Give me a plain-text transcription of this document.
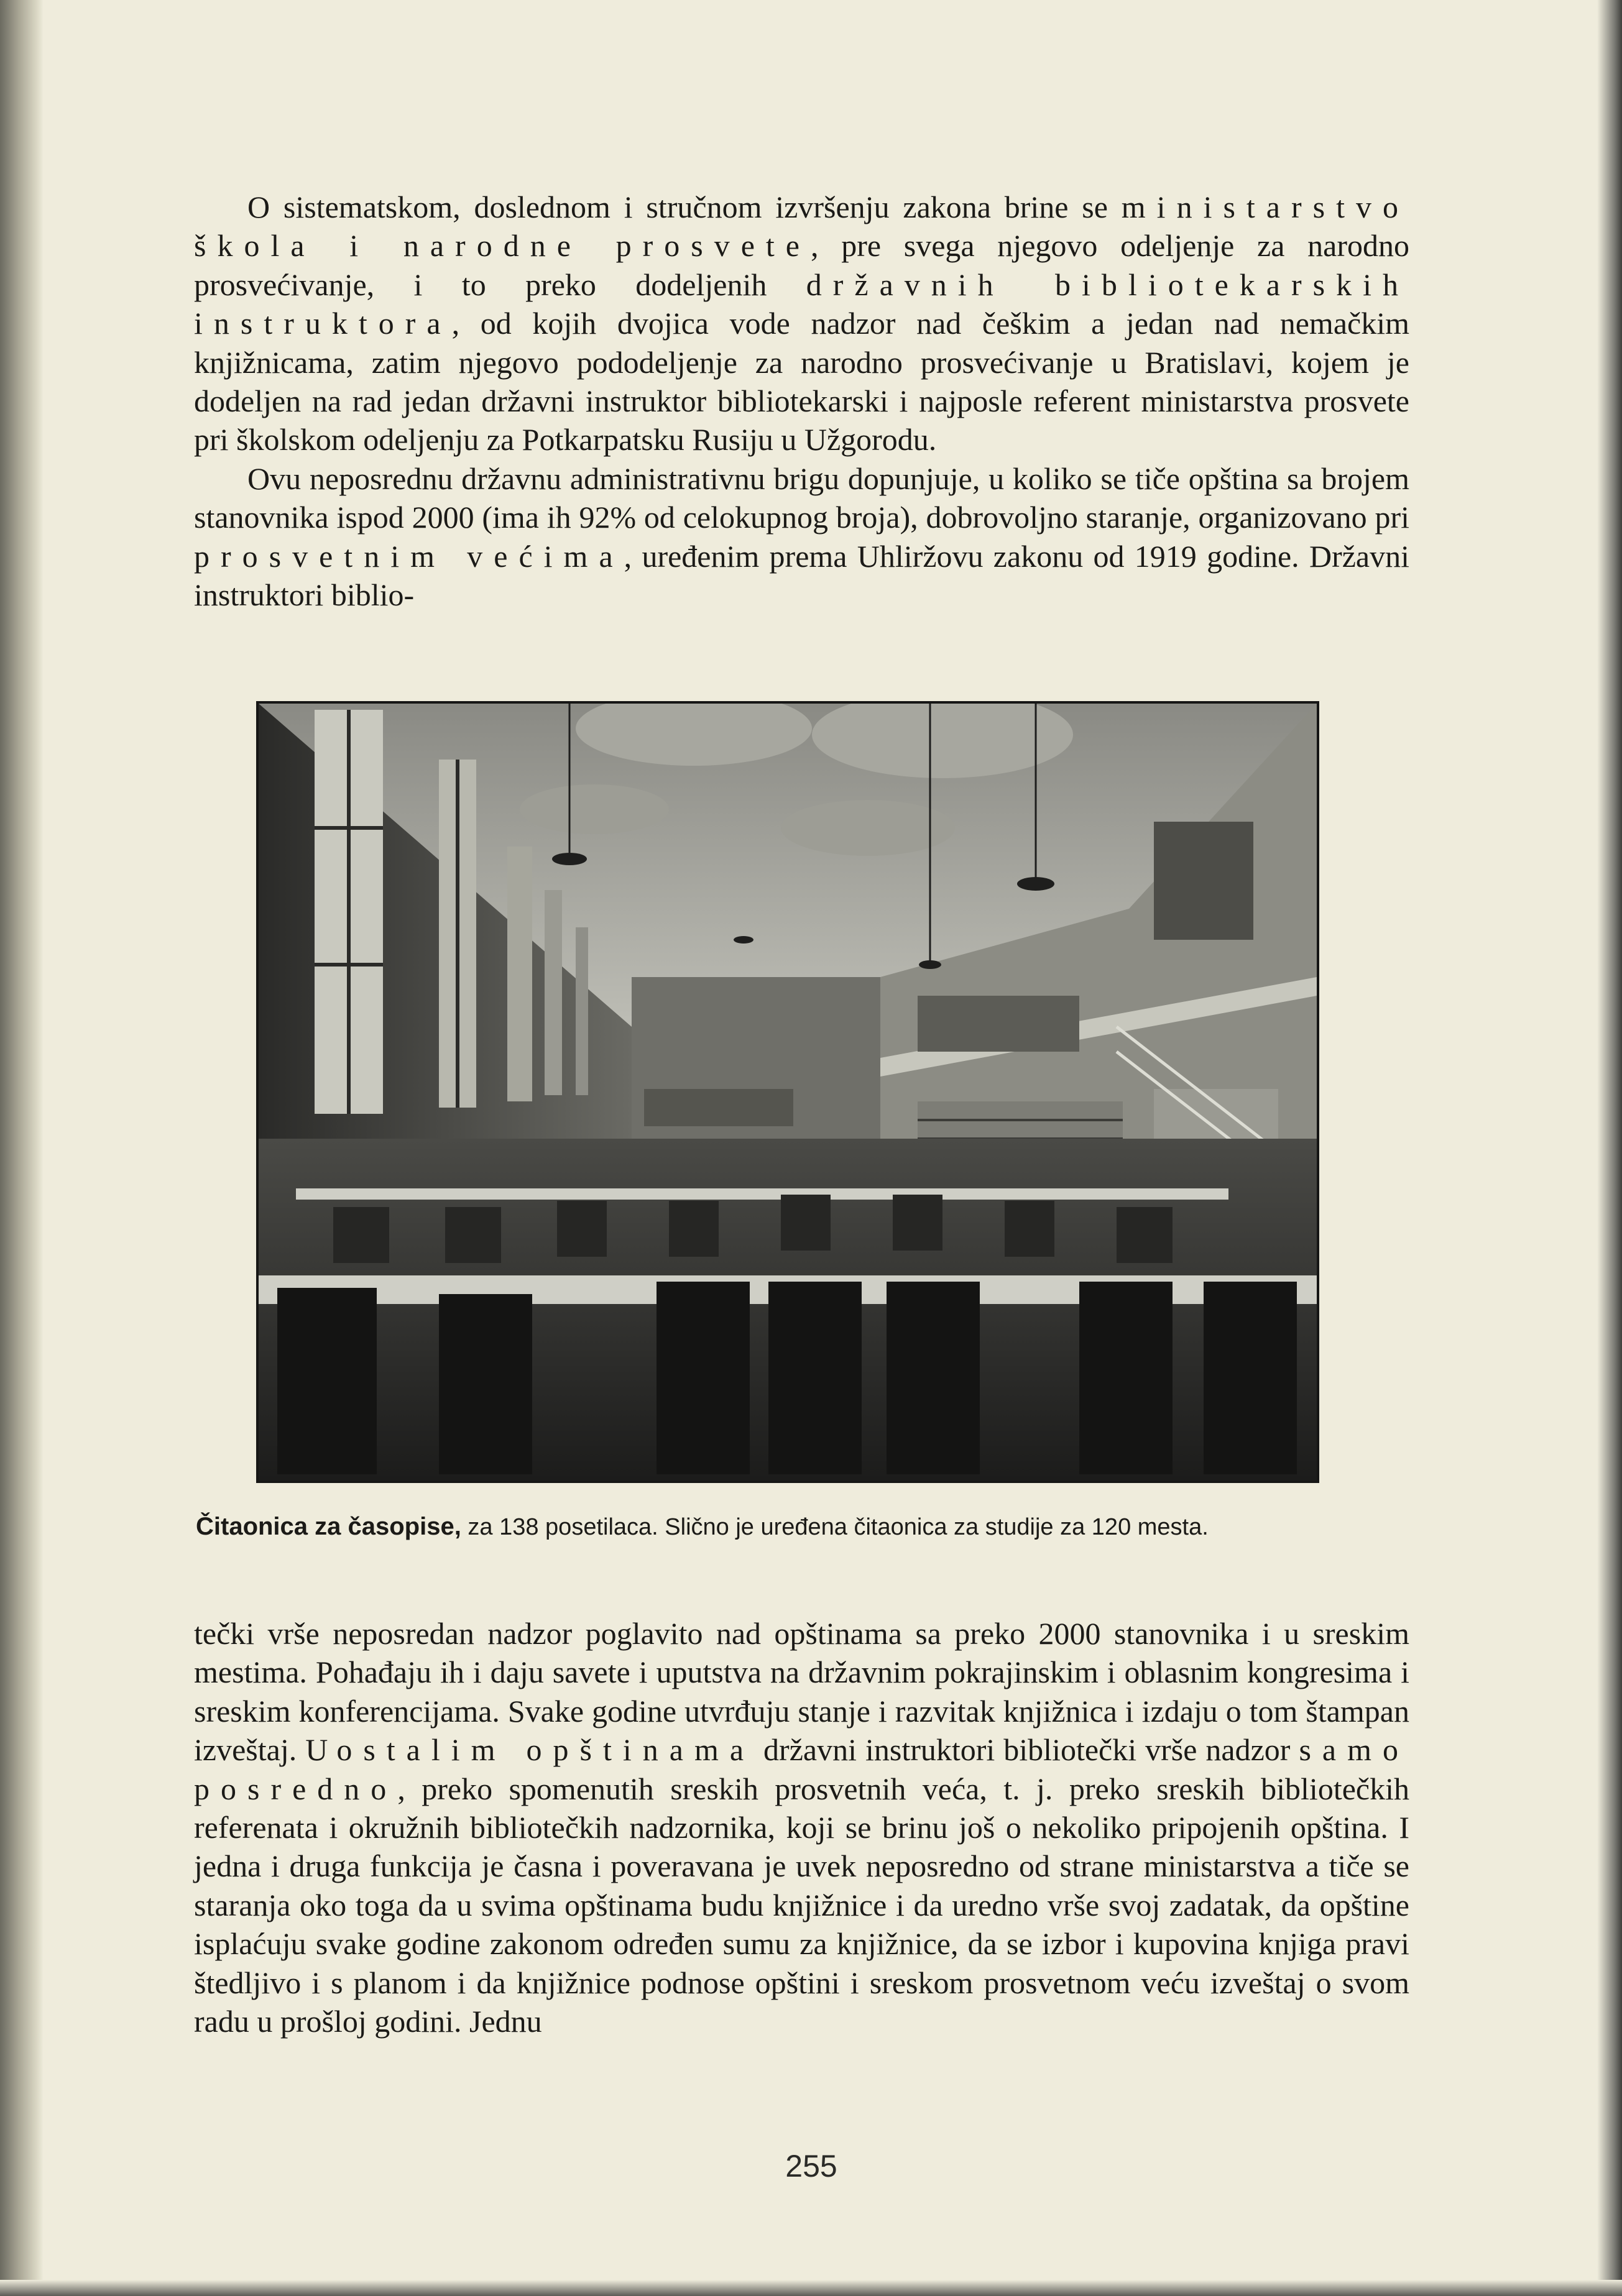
O sistematskom, doslednom i stručnom izvršenju zakona brine se ministarstvo škola i narodne prosvete, pre svega njegovo odeljenje za narodno prosvećivanje, i to preko dodeljenih državnih bibliotekarskih instruktora, od kojih dvojica vode nadzor nad češkim a jedan nad nemačkim knjižnicama, zatim njegovo pododeljenje za narodno prosvećivanje u Bratislavi, kojem je dodeljen na rad jedan državni instruktor bibliotekarski i najposle referent ministarstva prosvete pri školskom odeljenju za Potkarpatsku Rusiju u Užgorodu.

Ovu neposrednu državnu administrativnu brigu dopunjuje, u koliko se tiče opština sa brojem stanovnika ispod 2000 (ima ih 92% od celokupnog broja), dobrovoljno staranje, organizovano pri prosvetnim većima, uređenim prema Uhliržovu zakonu od 1919 godine. Državni instruktori biblio-

Čitaonica za časopise, za 138 posetilaca. Slično je uređena čitaonica za studije za 120 mesta.

tečki vrše neposredan nadzor poglavito nad opštinama sa preko 2000 stanovnika i u sreskim mestima. Pohađaju ih i daju savete i uputstva na državnim pokrajinskim i oblasnim kongresima i sreskim konferencijama. Svake godine utvrđuju stanje i razvitak knjižnica i izdaju o tom štampan izveštaj. U ostalim opštinama državni instruktori bibliotečki vrše nadzor samo posredno, preko spomenutih sreskih prosvetnih veća, t. j. preko sreskih bibliotečkih referenata i okružnih bibliotečkih nadzornika, koji se brinu još o nekoliko pripojenih opština. I jedna i druga funkcija je časna i poveravana je uvek neposredno od strane ministarstva a tiče se staranja oko toga da u svima opštinama budu knjižnice i da uredno vrše svoj zadatak, da opštine isplaćuju svake godine zakonom određen sumu za knjižnice, da se izbor i kupovina knjiga pravi štedljivo i s planom i da knjižnice podnose opštini i sreskom prosvetnom veću izveštaj o svom radu u prošloj godini. Jednu

255
